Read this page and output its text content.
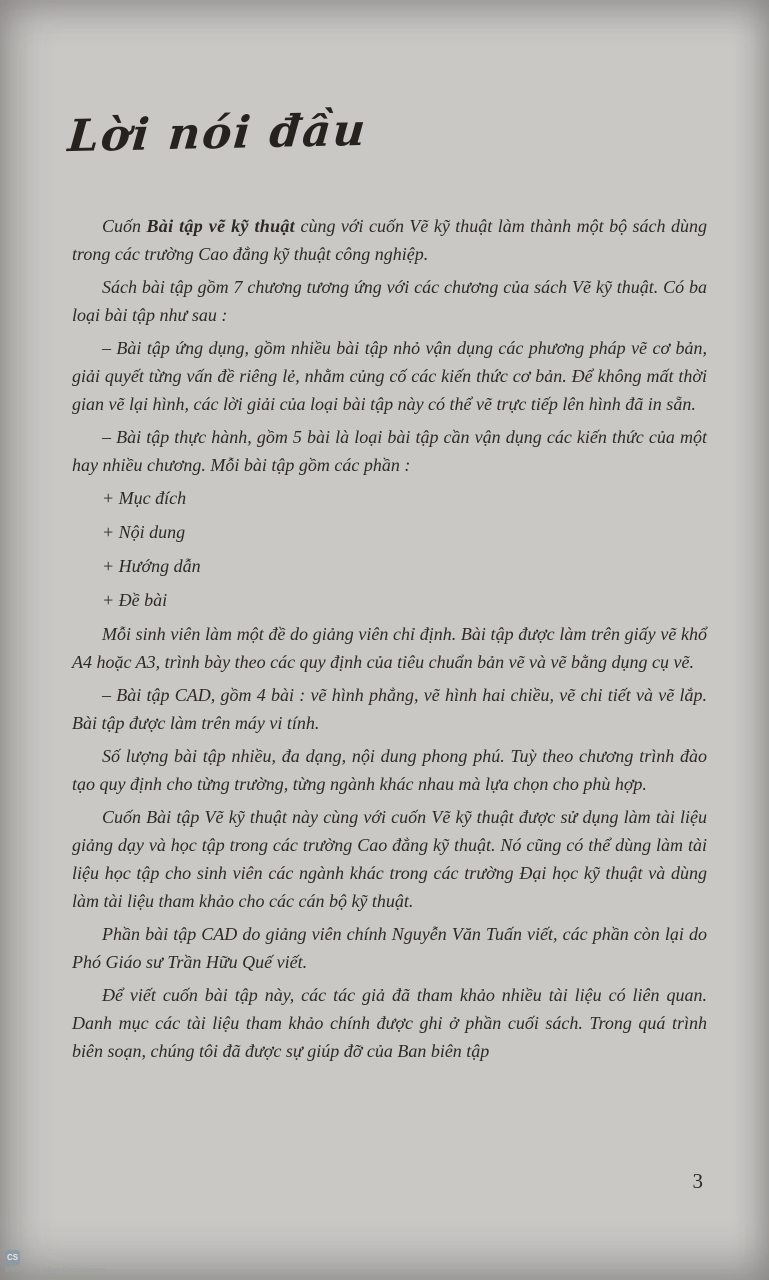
Lời nói đầu

Cuốn Bài tập vẽ kỹ thuật cùng với cuốn Vẽ kỹ thuật làm thành một bộ sách dùng trong các trường Cao đẳng kỹ thuật công nghiệp.

Sách bài tập gồm 7 chương tương ứng với các chương của sách Vẽ kỹ thuật. Có ba loại bài tập như sau :

– Bài tập ứng dụng, gồm nhiều bài tập nhỏ vận dụng các phương pháp vẽ cơ bản, giải quyết từng vấn đề riêng lẻ, nhằm củng cố các kiến thức cơ bản. Để không mất thời gian vẽ lại hình, các lời giải của loại bài tập này có thể vẽ trực tiếp lên hình đã in sẵn.

– Bài tập thực hành, gồm 5 bài là loại bài tập cần vận dụng các kiến thức của một hay nhiều chương. Mỗi bài tập gồm các phần :

+ Mục đích

+ Nội dung

+ Hướng dẫn

+ Đề bài

Mỗi sinh viên làm một đề do giảng viên chỉ định. Bài tập được làm trên giấy vẽ khổ A4 hoặc A3, trình bày theo các quy định của tiêu chuẩn bản vẽ và vẽ bằng dụng cụ vẽ.

– Bài tập CAD, gồm 4 bài : vẽ hình phẳng, vẽ hình hai chiều, vẽ chi tiết và vẽ lắp. Bài tập được làm trên máy vi tính.

Số lượng bài tập nhiều, đa dạng, nội dung phong phú. Tuỳ theo chương trình đào tạo quy định cho từng trường, từng ngành khác nhau mà lựa chọn cho phù hợp.

Cuốn Bài tập Vẽ kỹ thuật này cùng với cuốn Vẽ kỹ thuật được sử dụng làm tài liệu giảng dạy và học tập trong các trường Cao đẳng kỹ thuật. Nó cũng có thể dùng làm tài liệu học tập cho sinh viên các ngành khác trong các trường Đại học kỹ thuật và dùng làm tài liệu tham khảo cho các cán bộ kỹ thuật.

Phần bài tập CAD do giảng viên chính Nguyễn Văn Tuấn viết, các phần còn lại do Phó Giáo sư Trần Hữu Quế viết.

Để viết cuốn bài tập này, các tác giả đã tham khảo nhiều tài liệu có liên quan. Danh mục các tài liệu tham khảo chính được ghi ở phần cuối sách. Trong quá trình biên soạn, chúng tôi đã được sự giúp đỡ của Ban biên tập

3
CS
Được quét bằng CamScanner
